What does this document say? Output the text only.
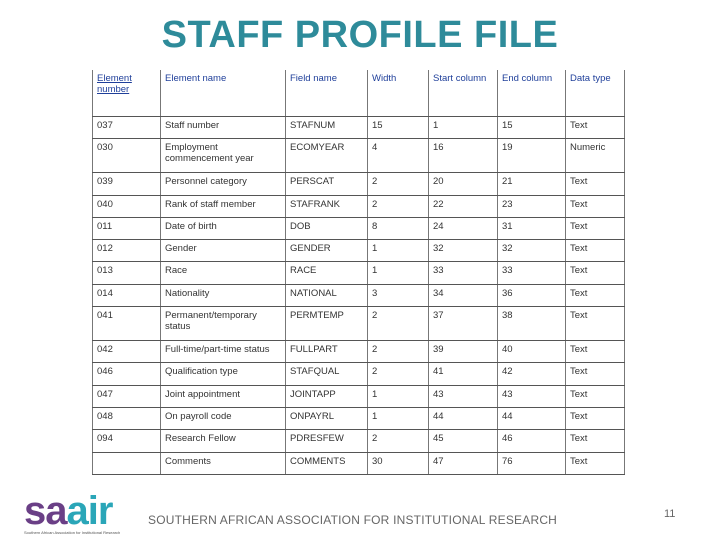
STAFF PROFILE FILE
Element number	Element name	Field name	Width	Start column	End column	Data type
037	Staff number	STAFNUM	15	1	15	Text
030	Employment commencement year	ECOMYEAR	4	16	19	Numeric
039	Personnel category	PERSCAT	2	20	21	Text
040	Rank of staff member	STAFRANK	2	22	23	Text
011	Date of birth	DOB	8	24	31	Text
012	Gender	GENDER	1	32	32	Text
013	Race	RACE	1	33	33	Text
014	Nationality	NATIONAL	3	34	36	Text
041	Permanent/temporary status	PERMTEMP	2	37	38	Text
042	Full-time/part-time status	FULLPART	2	39	40	Text
046	Qualification type	STAFQUAL	2	41	42	Text
047	Joint appointment	JOINTAPP	1	43	43	Text
048	On payroll code	ONPAYRL	1	44	44	Text
094	Research Fellow	PDRESFEW	2	45	46	Text
	Comments	COMMENTS	30	47	76	Text
saair
Southern African Association for Institutional Research
SOUTHERN AFRICAN ASSOCIATION FOR INSTITUTIONAL RESEARCH	11
